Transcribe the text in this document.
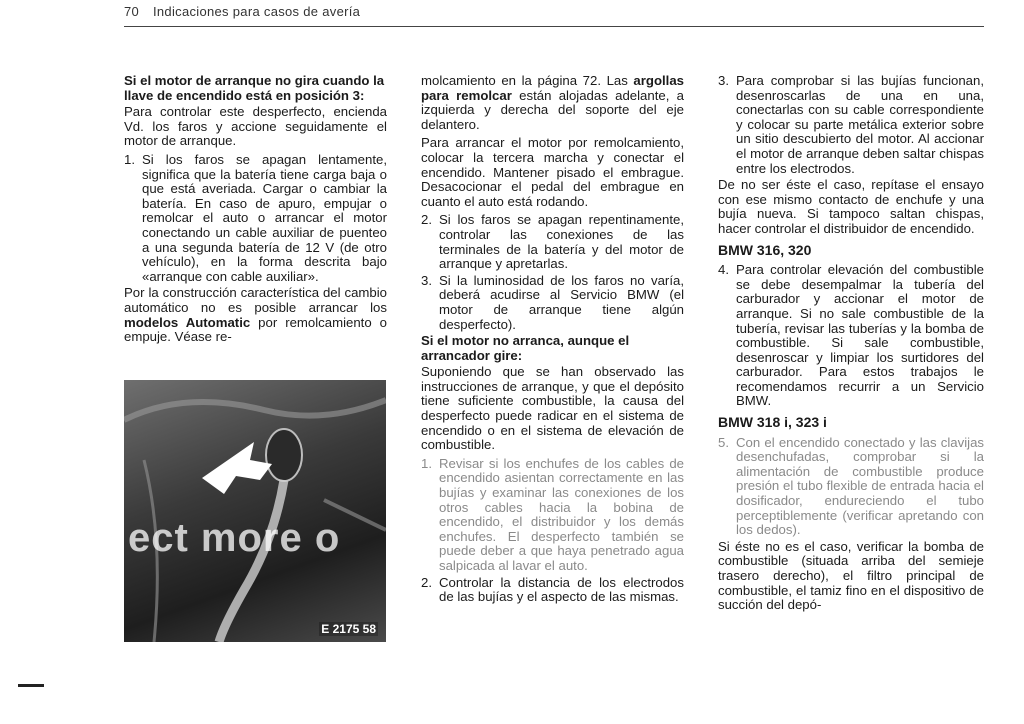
70 Indicaciones para casos de avería

Si el motor de arranque no gira cuando la llave de encendido está en posición 3:

Para controlar este desperfecto, encienda Vd. los faros y accione seguidamente el motor de arranque.

1. Si los faros se apagan lentamente, significa que la batería tiene carga baja o que está averiada. Cargar o cambiar la batería. En caso de apuro, empujar o remolcar el auto o arrancar el motor conectando un cable auxiliar de puenteo a una segunda batería de 12 V (de otro vehículo), en la forma descrita bajo «arranque con cable auxiliar».

Por la construcción característica del cambio automático no es posible arrancar los modelos Automatic por remolcamiento o empuje. Véase re-

ect more o
E 2175 58

molcamiento en la página 72. Las argollas para remolcar están alojadas adelante, a izquierda y derecha del soporte del eje delantero.

Para arrancar el motor por remolcamiento, colocar la tercera marcha y conectar el encendido. Mantener pisado el embrague. Desacocionar el pedal del embrague en cuanto el auto está rodando.

2. Si los faros se apagan repentinamente, controlar las conexiones de las terminales de la batería y del motor de arranque y apretarlas.
3. Si la luminosidad de los faros no varía, deberá acudirse al Servicio BMW (el motor de arranque tiene algún desperfecto).

Si el motor no arranca, aunque el arrancador gire:

Suponiendo que se han observado las instrucciones de arranque, y que el depósito tiene suficiente combustible, la causa del desperfecto puede radicar en el sistema de encendido o en el sistema de elevación de combustible.

1. Revisar si los enchufes de los cables de encendido asientan correctamente en las bujías y examinar las conexiones de los otros cables hacia la bobina de encendido, el distribuidor y los demás enchufes. El desperfecto también se puede deber a que haya penetrado agua salpicada al lavar el auto.
2. Controlar la distancia de los electrodos de las bujías y el aspecto de las mismas.
3. Para comprobar si las bujías funcionan, desenroscarlas de una en una, conectarlas con su cable correspondiente y colocar su parte metálica exterior sobre un sitio descubierto del motor. Al accionar el motor de arranque deben saltar chispas entre los electrodos.

De no ser éste el caso, repítase el ensayo con ese mismo contacto de enchufe y una bujía nueva. Si tampoco saltan chispas, hacer controlar el distribuidor de encendido.

BMW 316, 320
4. Para controlar elevación del combustible se debe desempalmar la tubería del carburador y accionar el motor de arranque. Si no sale combustible de la tubería, revisar las tuberías y la bomba de combustible. Si sale combustible, desenroscar y limpiar los surtidores del carburador. Para estos trabajos le recomendamos recurrir a un Servicio BMW.
BMW 318 i, 323 i
5. Con el encendido conectado y las clavijas desenchufadas, comprobar si la alimentación de combustible produce presión el tubo flexible de entrada hacia el dosificador, endureciendo el tubo perceptiblemente (verificar apretando con los dedos).

Si éste no es el caso, verificar la bomba de combustible (situada arriba del semieje trasero derecho), el filtro principal de combustible, el tamiz fino en el dispositivo de succión del depó-
